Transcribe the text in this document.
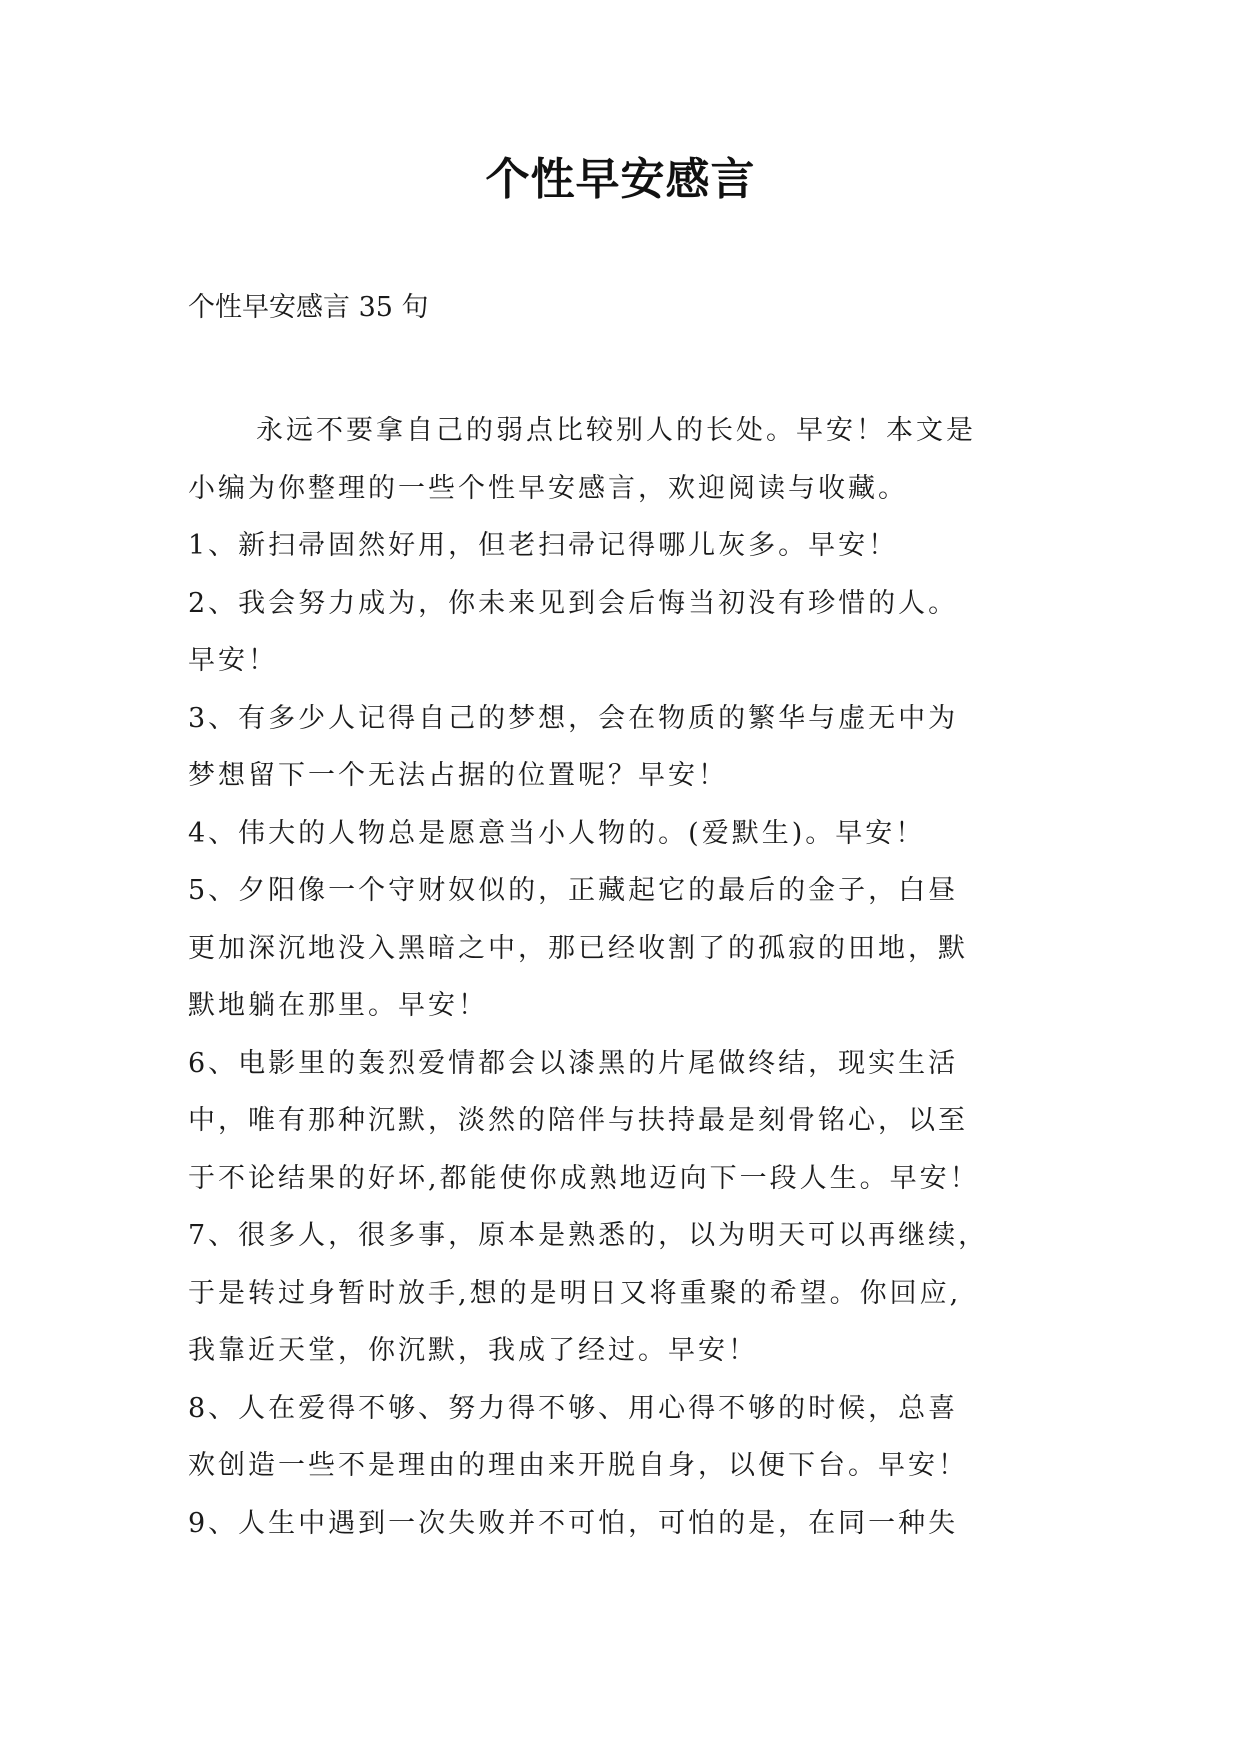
个性早安感言

个性早安感言 35 句

永远不要拿自己的弱点比较别人的长处。早安！本文是
小编为你整理的一些个性早安感言，欢迎阅读与收藏。
1、新扫帚固然好用，但老扫帚记得哪儿灰多。早安！
2、我会努力成为，你未来见到会后悔当初没有珍惜的人。
早安！
3、有多少人记得自己的梦想，会在物质的繁华与虚无中为
梦想留下一个无法占据的位置呢？早安！
4、伟大的人物总是愿意当小人物的。(爱默生)。早安！
5、夕阳像一个守财奴似的，正藏起它的最后的金子，白昼
更加深沉地没入黑暗之中，那已经收割了的孤寂的田地，默
默地躺在那里。早安！
6、电影里的轰烈爱情都会以漆黑的片尾做终结，现实生活
中，唯有那种沉默，淡然的陪伴与扶持最是刻骨铭心，以至
于不论结果的好坏,都能使你成熟地迈向下一段人生。早安！
7、很多人，很多事，原本是熟悉的，以为明天可以再继续，
于是转过身暂时放手,想的是明日又将重聚的希望。你回应,
我靠近天堂，你沉默，我成了经过。早安！
8、人在爱得不够、努力得不够、用心得不够的时候，总喜
欢创造一些不是理由的理由来开脱自身，以便下台。早安！
9、人生中遇到一次失败并不可怕，可怕的是，在同一种失
